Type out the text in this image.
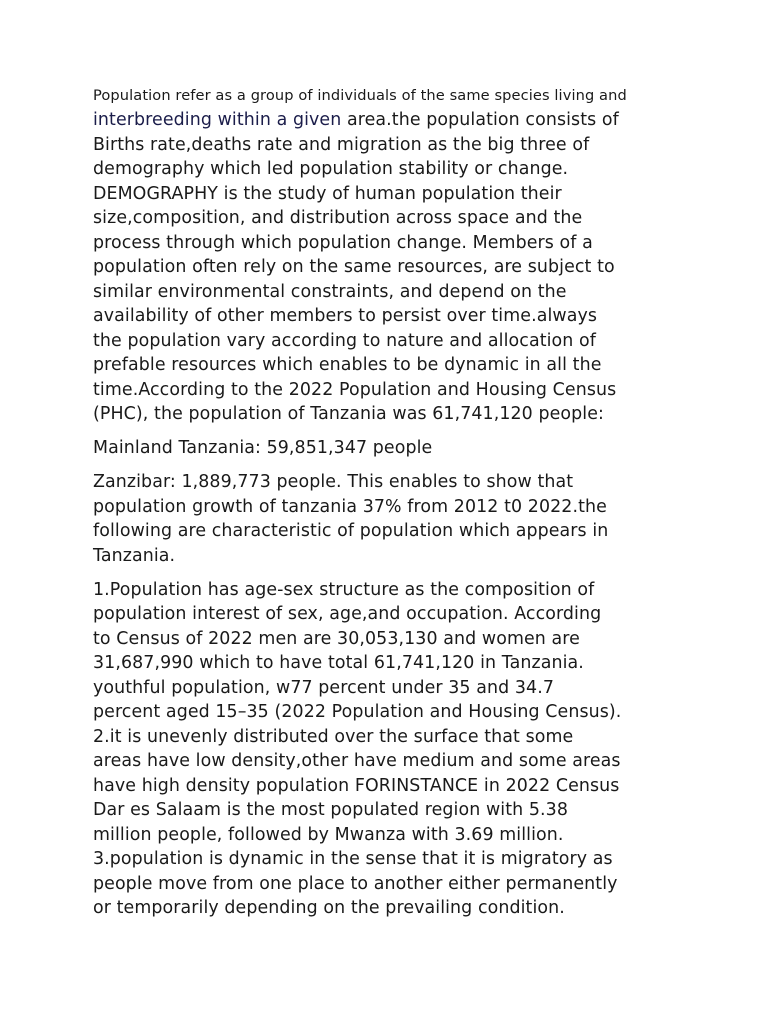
Population refer as a group of individuals of the same species living and
interbreeding within a given area.the population consists of
Births rate,deaths rate and migration as the big three of
demography which led population stability or change.
DEMOGRAPHY is the study of human population their
size,composition, and distribution across space and the
process through which population change. Members of a
population often rely on the same resources, are subject to
similar environmental constraints, and depend on the
availability of other members to persist over time.always
the population vary according to nature and allocation of
prefable resources which enables to be dynamic in all the
time.According to the 2022 Population and Housing Census
(PHC), the population of Tanzania was 61,741,120 people:
Mainland Tanzania: 59,851,347 people
Zanzibar: 1,889,773 people. This enables to show that
population growth of tanzania 37% from 2012 t0 2022.the
following are characteristic of population which appears in
Tanzania.
1.Population has age-sex structure as the composition of
population interest of sex, age,and occupation. According
to Census of 2022 men are 30,053,130 and women are
31,687,990 which to have total 61,741,120 in Tanzania.
youthful population, w77 percent under 35 and 34.7
percent aged 15–35 (2022 Population and Housing Census).
2.it is unevenly distributed over the surface that some
areas have low density,other have medium and some areas
have high density population FORINSTANCE in 2022 Census
Dar es Salaam is the most populated region with 5.38
million people, followed by Mwanza with 3.69 million.
3.population is dynamic in the sense that it is migratory as
people move from one place to another either permanently
or temporarily depending on the prevailing condition.
